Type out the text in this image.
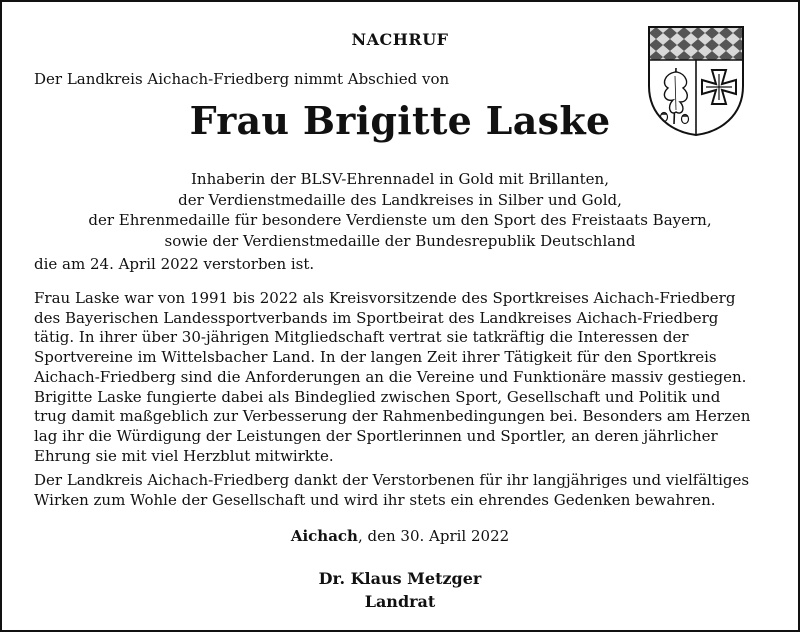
NACHRUF
Der Landkreis Aichach-Friedberg nimmt Abschied von
Frau Brigitte Laske
Inhaberin der BLSV-Ehrennadel in Gold mit Brillanten,
der Verdienstmedaille des Landkreises in Silber und Gold,
der Ehrenmedaille für besondere Verdienste um den Sport des Freistaats Bayern,
sowie der Verdienstmedaille der Bundesrepublik Deutschland
die am 24. April 2022 verstorben ist.
Frau Laske war von 1991 bis 2022 als Kreisvorsitzende des Sportkreises Aichach-Friedberg
des Bayerischen Landessportverbands im Sportbeirat des Landkreises Aichach-Friedberg
tätig. In ihrer über 30-jährigen Mitgliedschaft vertrat sie tatkräftig die Interessen der
Sportvereine im Wittelsbacher Land. In der langen Zeit ihrer Tätigkeit für den Sportkreis
Aichach-Friedberg sind die Anforderungen an die Vereine und Funktionäre massiv gestiegen.
Brigitte Laske fungierte dabei als Bindeglied zwischen Sport, Gesellschaft und Politik und
trug damit maßgeblich zur Verbesserung der Rahmenbedingungen bei. Besonders am Herzen
lag ihr die Würdigung der Leistungen der Sportlerinnen und Sportler, an deren jährlicher
Ehrung sie mit viel Herzblut mitwirkte.
Der Landkreis Aichach-Friedberg dankt der Verstorbenen für ihr langjähriges und vielfältiges
Wirken zum Wohle der Gesellschaft und wird ihr stets ein ehrendes Gedenken bewahren.
Aichach, den 30. April 2022
Dr. Klaus Metzger
Landrat
